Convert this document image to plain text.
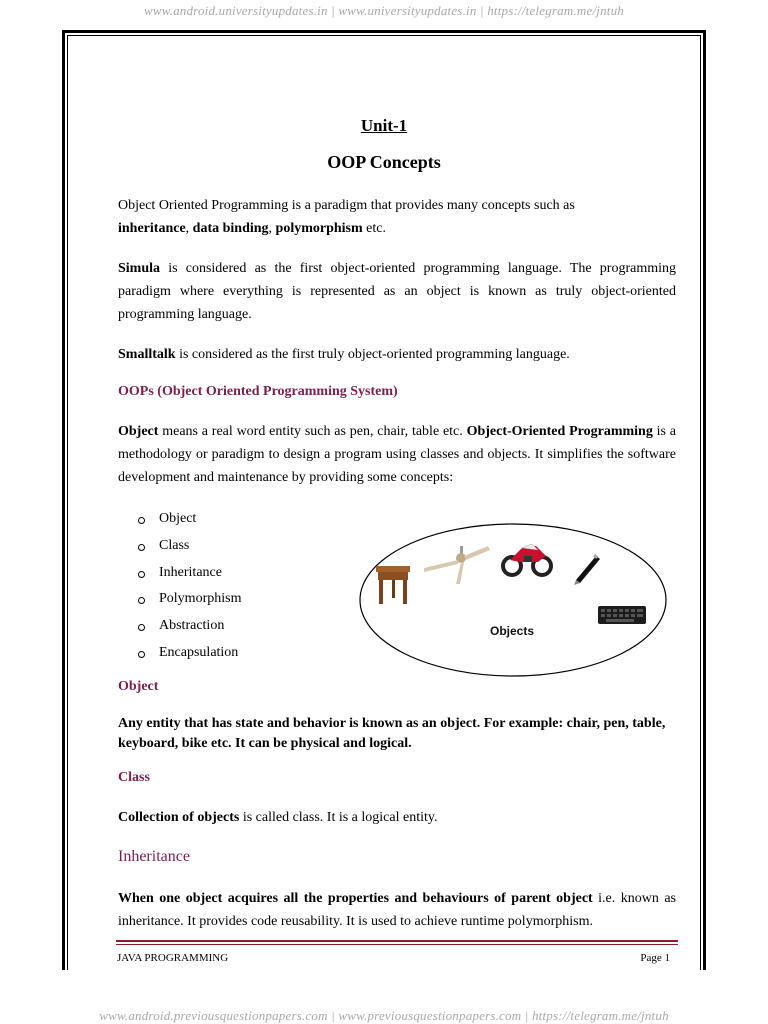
www.android.universityupdates.in | www.universityupdates.in | https://telegram.me/jntuh
Unit-1
OOP Concepts
Object Oriented Programming is a paradigm that provides many concepts such as
inheritance, data binding, polymorphism etc.
Simula is considered as the first object-oriented programming language. The programming paradigm where everything is represented as an object is known as truly object-oriented programming language.
Smalltalk is considered as the first truly object-oriented programming language.
OOPs (Object Oriented Programming System)
Object means a real word entity such as pen, chair, table etc. Object-Oriented Programming is a methodology or paradigm to design a program using classes and objects. It simplifies the software development and maintenance by providing some concepts:
Object
Class
Inheritance
Polymorphism
Abstraction
Encapsulation
Objects
Object
Any entity that has state and behavior is known as an object. For example: chair, pen, table, keyboard, bike etc. It can be physical and logical.
Class
Collection of objects is called class. It is a logical entity.
Inheritance
When one object acquires all the properties and behaviours of parent object i.e. known as inheritance. It provides code reusability. It is used to achieve runtime polymorphism.
JAVA PROGRAMMING	Page 1
www.android.previousquestionpapers.com | www.previousquestionpapers.com | https://telegram.me/jntuh
